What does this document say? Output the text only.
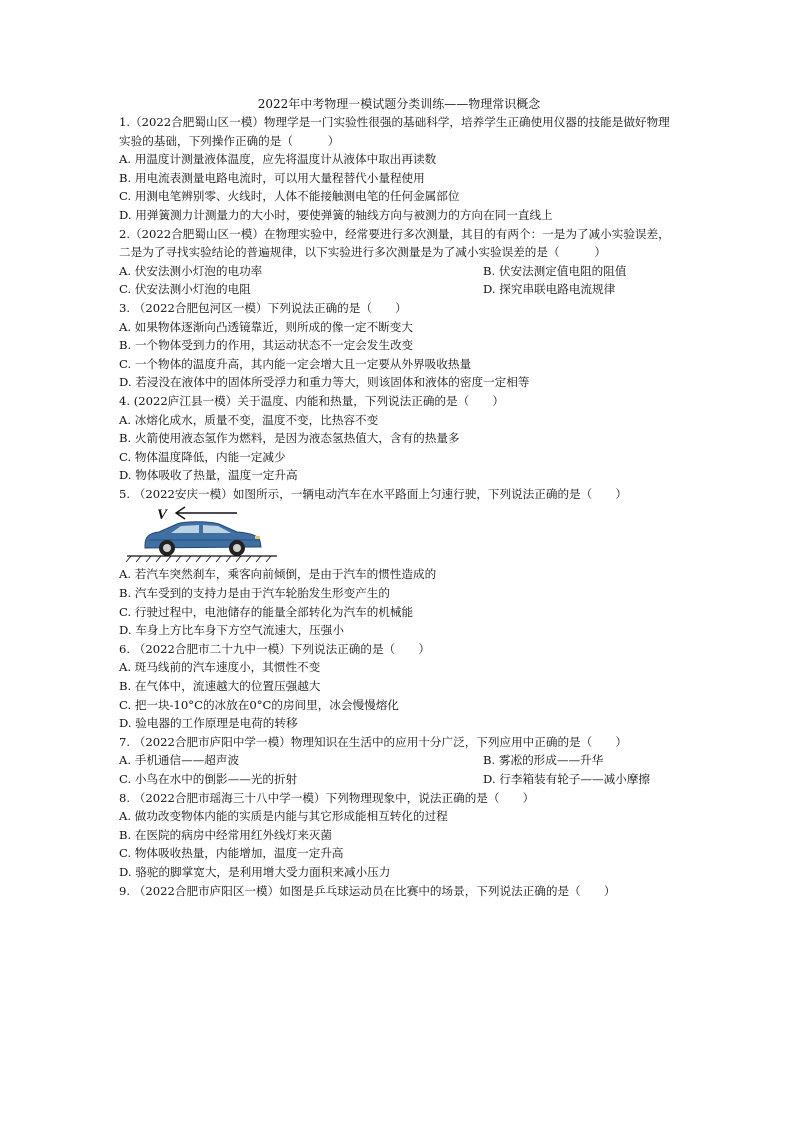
2022年中考物理一模试题分类训练——物理常识概念

1.（2022合肥蜀山区一模）物理学是一门实验性很强的基础科学，培养学生正确使用仪器的技能是做好物理实验的基础，下列操作正确的是（　　　）

A. 用温度计测量液体温度，应先将温度计从液体中取出再读数

B. 用电流表测量电路电流时，可以用大量程替代小量程使用

C. 用测电笔辨别零、火线时，人体不能接触测电笔的任何金属部位

D. 用弹簧测力计测量力的大小时，要使弹簧的轴线方向与被测力的方向在同一直线上

2.（2022合肥蜀山区一模）在物理实验中，经常要进行多次测量，其目的有两个：一是为了减小实验误差，二是为了寻找实验结论的普遍规律，以下实验进行多次测量是为了减小实验误差的是（　　　）

A. 伏安法测小灯泡的电功率	B. 伏安法测定值电阻的阻值
C. 伏安法测小灯泡的电阻	D. 探究串联电路电流规律

3. （2022合肥包河区一模）下列说法正确的是（　　）

A. 如果物体逐渐向凸透镜靠近，则所成的像一定不断变大

B. 一个物体受到力的作用，其运动状态不一定会发生改变

C. 一个物体的温度升高，其内能一定会增大且一定要从外界吸收热量

D. 若浸没在液体中的固体所受浮力和重力等大，则该固体和液体的密度一定相等

4. (2022庐江县一模）关于温度、内能和热量，下列说法正确的是（　　）

A. 冰熔化成水，质量不变，温度不变，比热容不变

B. 火箭使用液态氢作为燃料，是因为液态氢热值大，含有的热量多

C. 物体温度降低，内能一定减少

D. 物体吸收了热量，温度一定升高

5. （2022安庆一模）如图所示，一辆电动汽车在水平路面上匀速行驶，下列说法正确的是（　　）

V

A. 若汽车突然刹车，乘客向前倾倒，是由于汽车的惯性造成的

B. 汽车受到的支持力是由于汽车轮胎发生形变产生的

C. 行驶过程中，电池储存的能量全部转化为汽车的机械能

D. 车身上方比车身下方空气流速大，压强小

6. （2022合肥市二十九中一模）下列说法正确的是（　　）

A. 斑马线前的汽车速度小，其惯性不变

B. 在气体中，流速越大的位置压强越大

C. 把一块-10°C的冰放在0°C的房间里，冰会慢慢熔化

D. 验电器的工作原理是电荷的转移

7. （2022合肥市庐阳中学一模）物理知识在生活中的应用十分广泛，下列应用中正确的是（　　）

A. 手机通信——超声波	B. 雾凇的形成——升华
C. 小鸟在水中的倒影——光的折射	D. 行李箱装有轮子——减小摩擦

8. （2022合肥市瑶海三十八中学一模）下列物理现象中，说法正确的是（　　）

A. 做功改变物体内能的实质是内能与其它形成能相互转化的过程

B. 在医院的病房中经常用红外线灯来灭菌

C. 物体吸收热量，内能增加，温度一定升高

D. 骆驼的脚掌宽大，是利用增大受力面积来减小压力

9. （2022合肥市庐阳区一模）如图是乒乓球运动员在比赛中的场景，下列说法正确的是（　　）
